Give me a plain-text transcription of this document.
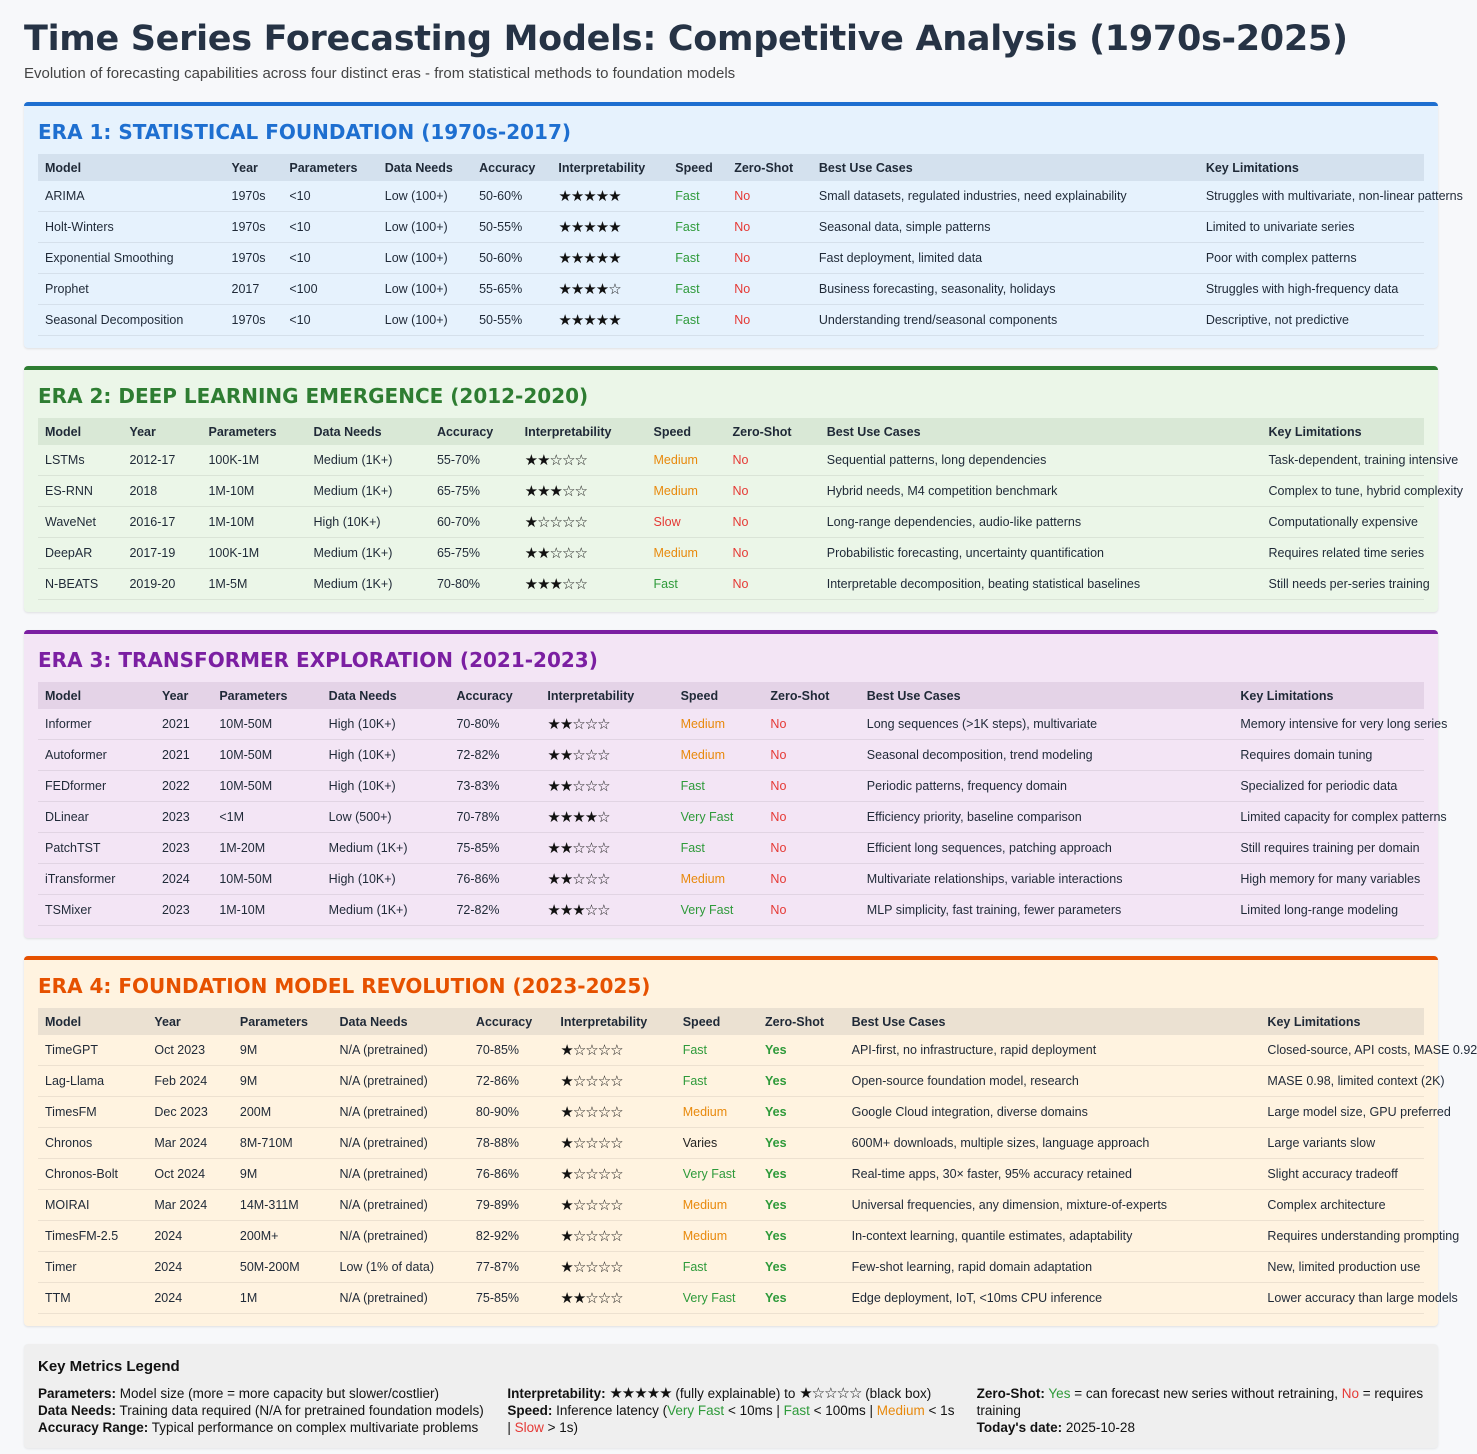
Time Series Forecasting Models: Competitive Analysis (1970s-2025)
Evolution of forecasting capabilities across four distinct eras - from statistical methods to foundation models
ERA 1: STATISTICAL FOUNDATION (1970s-2017)
Model	Year	Parameters	Data Needs	Accuracy	Interpretability	Speed	Zero-Shot	Best Use Cases	Key Limitations
ARIMA	1970s	<10	Low (100+)	50-60%	★★★★★	Fast	No	Small datasets, regulated industries, need explainability	Struggles with multivariate, non-linear patterns
Holt-Winters	1970s	<10	Low (100+)	50-55%	★★★★★	Fast	No	Seasonal data, simple patterns	Limited to univariate series
Exponential Smoothing	1970s	<10	Low (100+)	50-60%	★★★★★	Fast	No	Fast deployment, limited data	Poor with complex patterns
Prophet	2017	<100	Low (100+)	55-65%	★★★★☆	Fast	No	Business forecasting, seasonality, holidays	Struggles with high-frequency data
Seasonal Decomposition	1970s	<10	Low (100+)	50-55%	★★★★★	Fast	No	Understanding trend/seasonal components	Descriptive, not predictive
ERA 2: DEEP LEARNING EMERGENCE (2012-2020)
Model	Year	Parameters	Data Needs	Accuracy	Interpretability	Speed	Zero-Shot	Best Use Cases	Key Limitations
LSTMs	2012-17	100K-1M	Medium (1K+)	55-70%	★★☆☆☆	Medium	No	Sequential patterns, long dependencies	Task-dependent, training intensive
ES-RNN	2018	1M-10M	Medium (1K+)	65-75%	★★★☆☆	Medium	No	Hybrid needs, M4 competition benchmark	Complex to tune, hybrid complexity
WaveNet	2016-17	1M-10M	High (10K+)	60-70%	★☆☆☆☆	Slow	No	Long-range dependencies, audio-like patterns	Computationally expensive
DeepAR	2017-19	100K-1M	Medium (1K+)	65-75%	★★☆☆☆	Medium	No	Probabilistic forecasting, uncertainty quantification	Requires related time series
N-BEATS	2019-20	1M-5M	Medium (1K+)	70-80%	★★★☆☆	Fast	No	Interpretable decomposition, beating statistical baselines	Still needs per-series training
ERA 3: TRANSFORMER EXPLORATION (2021-2023)
Model	Year	Parameters	Data Needs	Accuracy	Interpretability	Speed	Zero-Shot	Best Use Cases	Key Limitations
Informer	2021	10M-50M	High (10K+)	70-80%	★★☆☆☆	Medium	No	Long sequences (>1K steps), multivariate	Memory intensive for very long series
Autoformer	2021	10M-50M	High (10K+)	72-82%	★★☆☆☆	Medium	No	Seasonal decomposition, trend modeling	Requires domain tuning
FEDformer	2022	10M-50M	High (10K+)	73-83%	★★☆☆☆	Fast	No	Periodic patterns, frequency domain	Specialized for periodic data
DLinear	2023	<1M	Low (500+)	70-78%	★★★★☆	Very Fast	No	Efficiency priority, baseline comparison	Limited capacity for complex patterns
PatchTST	2023	1M-20M	Medium (1K+)	75-85%	★★☆☆☆	Fast	No	Efficient long sequences, patching approach	Still requires training per domain
iTransformer	2024	10M-50M	High (10K+)	76-86%	★★☆☆☆	Medium	No	Multivariate relationships, variable interactions	High memory for many variables
TSMixer	2023	1M-10M	Medium (1K+)	72-82%	★★★☆☆	Very Fast	No	MLP simplicity, fast training, fewer parameters	Limited long-range modeling
ERA 4: FOUNDATION MODEL REVOLUTION (2023-2025)
Model	Year	Parameters	Data Needs	Accuracy	Interpretability	Speed	Zero-Shot	Best Use Cases	Key Limitations
TimeGPT	Oct 2023	9M	N/A (pretrained)	70-85%	★☆☆☆☆	Fast	Yes	API-first, no infrastructure, rapid deployment	Closed-source, API costs, MASE 0.92
Lag-Llama	Feb 2024	9M	N/A (pretrained)	72-86%	★☆☆☆☆	Fast	Yes	Open-source foundation model, research	MASE 0.98, limited context (2K)
TimesFM	Dec 2023	200M	N/A (pretrained)	80-90%	★☆☆☆☆	Medium	Yes	Google Cloud integration, diverse domains	Large model size, GPU preferred
Chronos	Mar 2024	8M-710M	N/A (pretrained)	78-88%	★☆☆☆☆	Varies	Yes	600M+ downloads, multiple sizes, language approach	Large variants slow
Chronos-Bolt	Oct 2024	9M	N/A (pretrained)	76-86%	★☆☆☆☆	Very Fast	Yes	Real-time apps, 30× faster, 95% accuracy retained	Slight accuracy tradeoff
MOIRAI	Mar 2024	14M-311M	N/A (pretrained)	79-89%	★☆☆☆☆	Medium	Yes	Universal frequencies, any dimension, mixture-of-experts	Complex architecture
TimesFM-2.5	2024	200M+	N/A (pretrained)	82-92%	★☆☆☆☆	Medium	Yes	In-context learning, quantile estimates, adaptability	Requires understanding prompting
Timer	2024	50M-200M	Low (1% of data)	77-87%	★☆☆☆☆	Fast	Yes	Few-shot learning, rapid domain adaptation	New, limited production use
TTM	2024	1M	N/A (pretrained)	75-85%	★★☆☆☆	Very Fast	Yes	Edge deployment, IoT, <10ms CPU inference	Lower accuracy than large models
Key Metrics Legend

Parameters: Model size (more = more capacity but slower/costlier)

Data Needs: Training data required (N/A for pretrained foundation models)

Accuracy Range: Typical performance on complex multivariate problems

Interpretability: ★★★★★ (fully explainable) to ★☆☆☆☆ (black box)

Speed: Inference latency (Very Fast < 10ms | Fast < 100ms | Medium < 1s | Slow > 1s)

Zero-Shot: Yes = can forecast new series without retraining, No = requires training

Today's date: 2025-10-28
